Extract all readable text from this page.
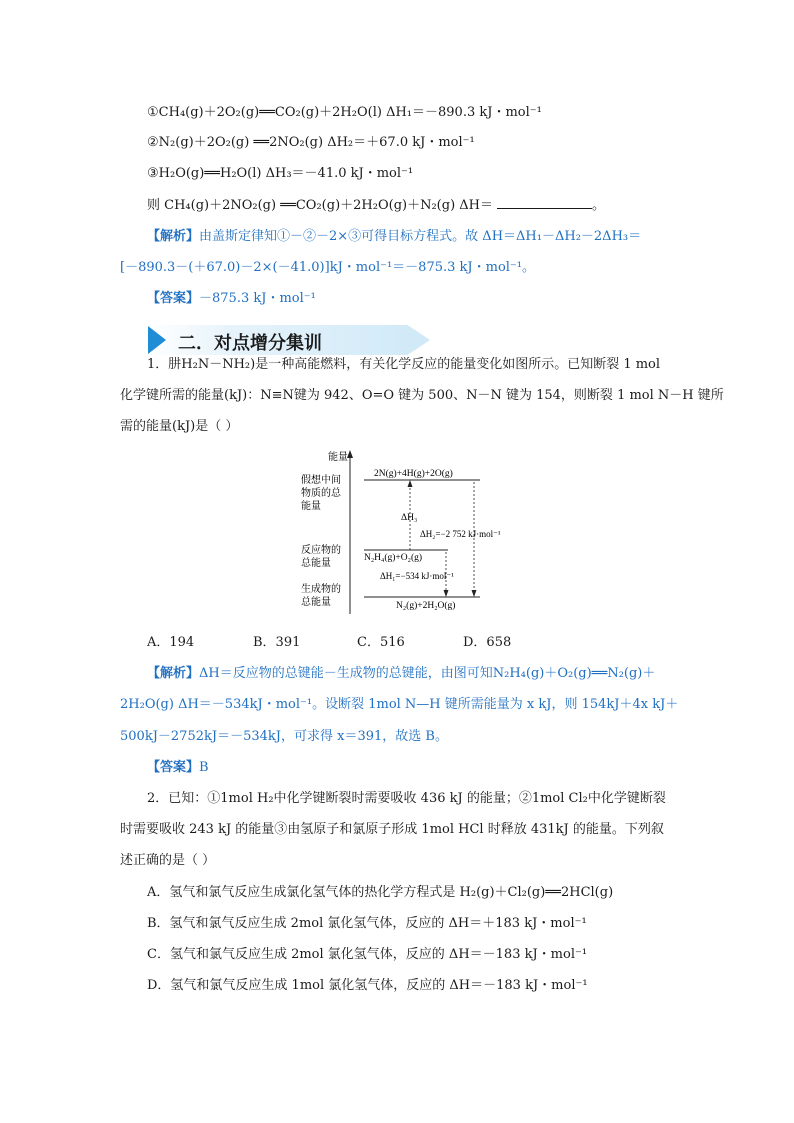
①CH₄(g)＋2O₂(g)══CO₂(g)＋2H₂O(l) ΔH₁＝－890.3 kJ・mol⁻¹
②N₂(g)＋2O₂(g) ══2NO₂(g) ΔH₂＝＋67.0 kJ・mol⁻¹
③H₂O(g)══H₂O(l) ΔH₃＝－41.0 kJ・mol⁻¹
则 CH₄(g)＋2NO₂(g) ══CO₂(g)＋2H₂O(g)＋N₂(g) ΔH＝	。
【解析】由盖斯定律知①－②－2×③可得目标方程式。故 ΔH＝ΔH₁－ΔH₂－2ΔH₃＝
[－890.3－(＋67.0)－2×(－41.0)]kJ・mol⁻¹＝－875.3 kJ・mol⁻¹。
【答案】－875.3 kJ・mol⁻¹
二．对点增分集训
1．肼H₂N－NH₂)是一种高能燃料，有关化学反应的能量变化如图所示。已知断裂 1 mol
化学键所需的能量(kJ)：N≡N键为 942、O=O 键为 500、N－N 键为 154，则断裂 1 mol N－H 键所
需的能量(kJ)是（ ）
能量
假想中间
物质的总
能量
反应物的
总能量
生成物的
总能量
2N(g)+4H(g)+2O(g)
N₂H₄(g)+O₂(g)
N₂(g)+2H₂O(g)
ΔH₃
ΔH₂=−2 752 kJ·mol⁻¹
ΔH₁=−534 kJ·mol⁻¹
A．194	B．391	C．516	D．658
【解析】ΔH＝反应物的总键能－生成物的总键能，由图可知N₂H₄(g)＋O₂(g)══N₂(g)＋
2H₂O(g) ΔH＝－534kJ・mol⁻¹。设断裂 1mol N—H 键所需能量为 x kJ，则 154kJ＋4x kJ＋
500kJ－2752kJ＝－534kJ，可求得 x＝391，故选 B。
【答案】B
2．已知：①1mol H₂中化学键断裂时需要吸收 436 kJ 的能量；②1mol Cl₂中化学键断裂
时需要吸收 243 kJ 的能量③由氢原子和氯原子形成 1mol HCl 时释放 431kJ 的能量。下列叙
述正确的是（ ）
A．氢气和氯气反应生成氯化氢气体的热化学方程式是 H₂(g)＋Cl₂(g)══2HCl(g)
B．氢气和氯气反应生成 2mol 氯化氢气体，反应的 ΔH＝＋183 kJ・mol⁻¹
C．氢气和氯气反应生成 2mol 氯化氢气体，反应的 ΔH＝－183 kJ・mol⁻¹
D．氢气和氯气反应生成 1mol 氯化氢气体，反应的 ΔH＝－183 kJ・mol⁻¹
